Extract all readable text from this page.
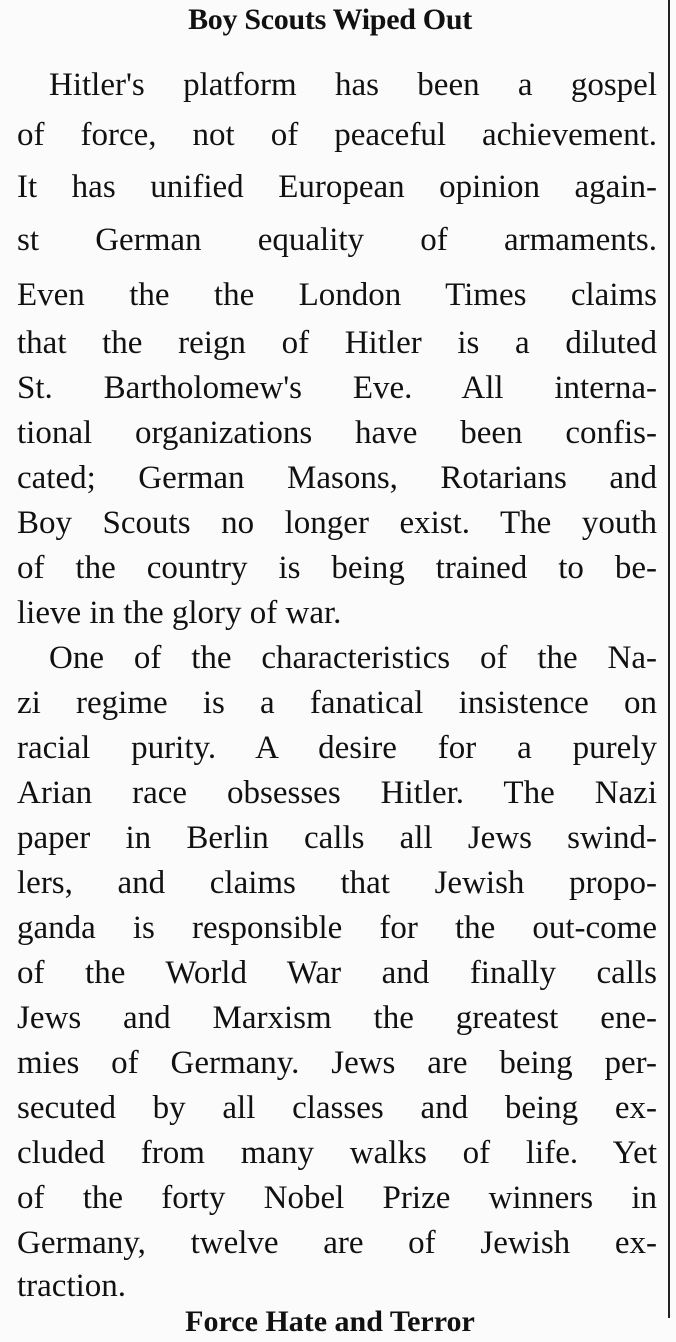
Boy Scouts Wiped Out
Hitler's platform has been a gospel
of force, not of peaceful achievement.
It has unified European opinion again-
st German equality of armaments.
Even the the London Times claims
that the reign of Hitler is a diluted
St. Bartholomew's Eve. All interna-
tional organizations have been confis-
cated; German Masons, Rotarians and
Boy Scouts no longer exist. The youth
of the country is being trained to be-
lieve in the glory of war.
One of the characteristics of the Na-
zi regime is a fanatical insistence on
racial purity. A desire for a purely
Arian race obsesses Hitler. The Nazi
paper in Berlin calls all Jews swind-
lers, and claims that Jewish propo-
ganda is responsible for the out-come
of the World War and finally calls
Jews and Marxism the greatest ene-
mies of Germany. Jews are being per-
secuted by all classes and being ex-
cluded from many walks of life. Yet
of the forty Nobel Prize winners in
Germany, twelve are of Jewish ex-
traction.
Force Hate and Terror
